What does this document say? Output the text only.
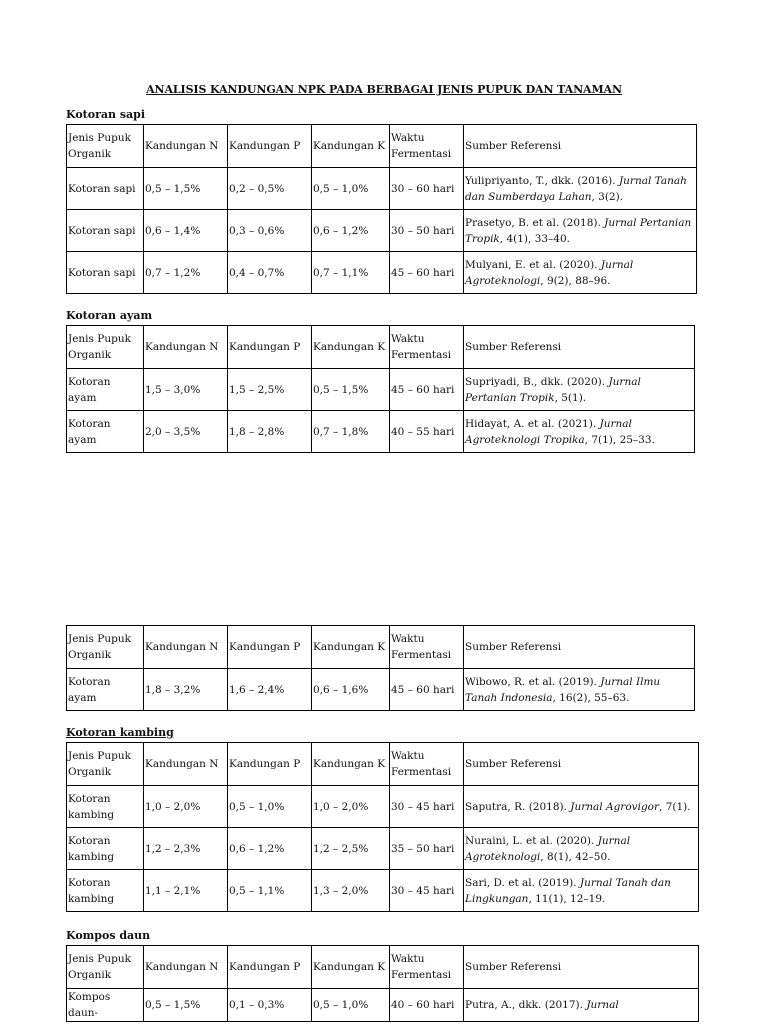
ANALISIS KANDUNGAN NPK PADA BERBAGAI JENIS PUPUK DAN TANAMAN
Kotoran sapi
Jenis Pupuk Organik	Kandungan N	Kandungan P	Kandungan K	Waktu Fermentasi	Sumber Referensi
Kotoran sapi	0,5 – 1,5%	0,2 – 0,5%	0,5 – 1,0%	30 – 60 hari	Yulipriyanto, T., dkk. (2016). Jurnal Tanah dan Sumberdaya Lahan, 3(2).
Kotoran sapi	0,6 – 1,4%	0,3 – 0,6%	0,6 – 1,2%	30 – 50 hari	Prasetyo, B. et al. (2018). Jurnal Pertanian Tropik, 4(1), 33–40.
Kotoran sapi	0,7 – 1,2%	0,4 – 0,7%	0,7 – 1,1%	45 – 60 hari	Mulyani, E. et al. (2020). Jurnal Agroteknologi, 9(2), 88–96.
Kotoran ayam
Jenis Pupuk Organik	Kandungan N	Kandungan P	Kandungan K	Waktu Fermentasi	Sumber Referensi
Kotoran ayam	1,5 – 3,0%	1,5 – 2,5%	0,5 – 1,5%	45 – 60 hari	Supriyadi, B., dkk. (2020). Jurnal Pertanian Tropik, 5(1).
Kotoran ayam	2,0 – 3,5%	1,8 – 2,8%	0,7 – 1,8%	40 – 55 hari	Hidayat, A. et al. (2021). Jurnal Agroteknologi Tropika, 7(1), 25–33.
Jenis Pupuk Organik	Kandungan N	Kandungan P	Kandungan K	Waktu Fermentasi	Sumber Referensi
Kotoran ayam	1,8 – 3,2%	1,6 – 2,4%	0,6 – 1,6%	45 – 60 hari	Wibowo, R. et al. (2019). Jurnal Ilmu Tanah Indonesia, 16(2), 55–63.
Kotoran kambing
Jenis Pupuk Organik	Kandungan N	Kandungan P	Kandungan K	Waktu Fermentasi	Sumber Referensi
Kotoran kambing	1,0 – 2,0%	0,5 – 1,0%	1,0 – 2,0%	30 – 45 hari	Saputra, R. (2018). Jurnal Agrovigor, 7(1).
Kotoran kambing	1,2 – 2,3%	0,6 – 1,2%	1,2 – 2,5%	35 – 50 hari	Nuraini, L. et al. (2020). Jurnal Agroteknologi, 8(1), 42–50.
Kotoran kambing	1,1 – 2,1%	0,5 – 1,1%	1,3 – 2,0%	30 – 45 hari	Sari, D. et al. (2019). Jurnal Tanah dan Lingkungan, 11(1), 12–19.
Kompos daun
Jenis Pupuk Organik	Kandungan N	Kandungan P	Kandungan K	Waktu Fermentasi	Sumber Referensi
Kompos daun-	0,5 – 1,5%	0,1 – 0,3%	0,5 – 1,0%	40 – 60 hari	Putra, A., dkk. (2017). Jurnal
